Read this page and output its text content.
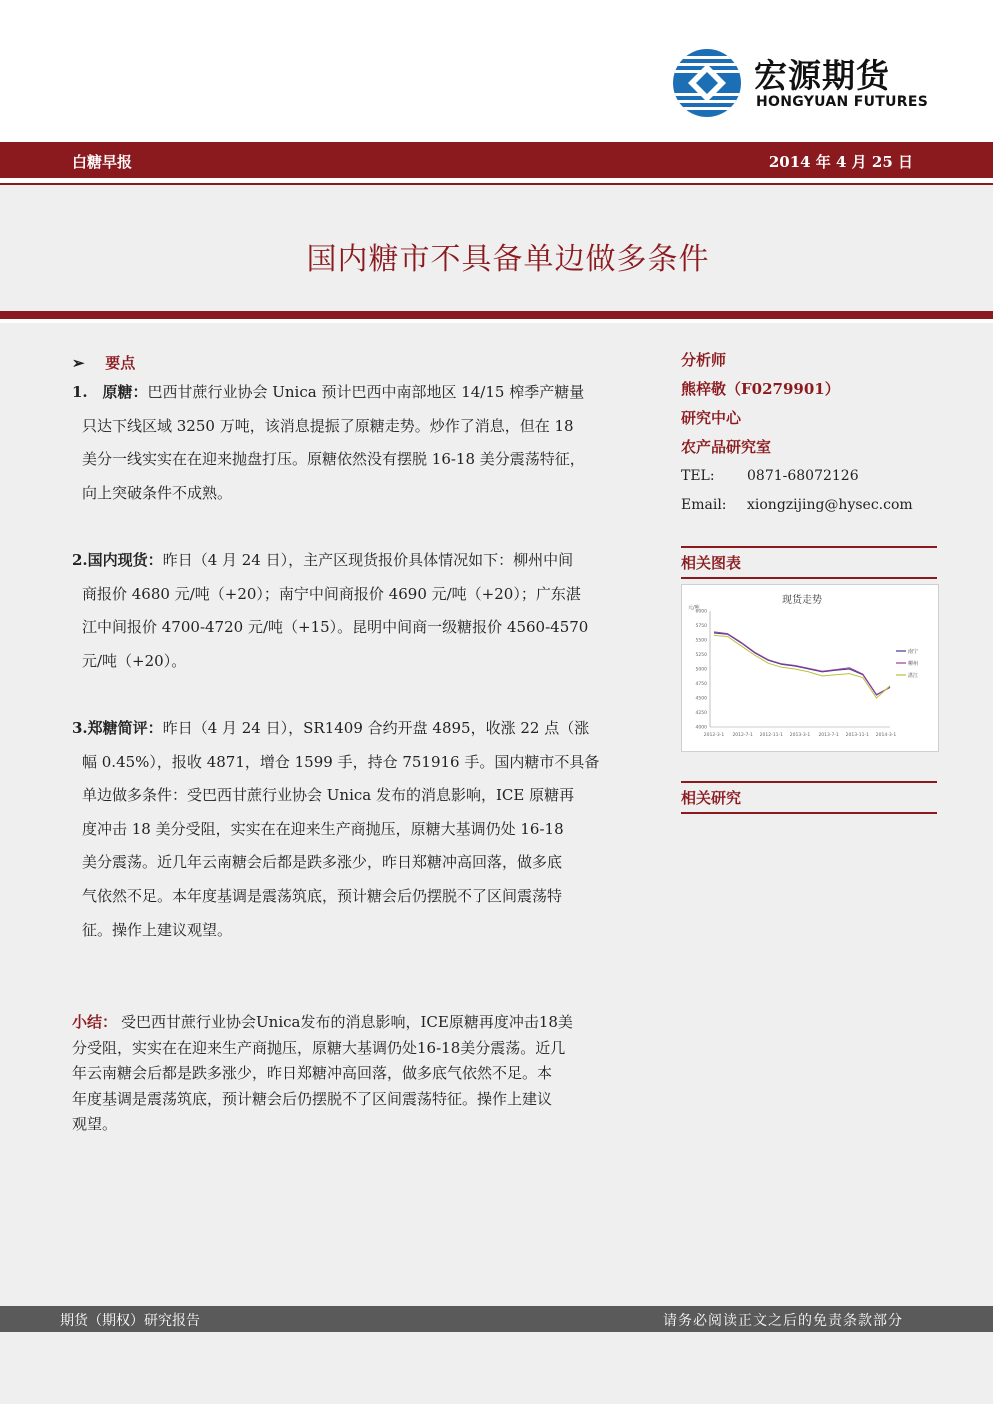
宏源期货
HONGYUAN FUTURES
白糖早报	2014 年 4 月 25 日
国内糖市不具备单边做多条件
➢ 要点
1. 原糖：巴西甘蔗行业协会 Unica 预计巴西中南部地区 14/15 榨季产糖量
只达下线区域 3250 万吨，该消息提振了原糖走势。炒作了消息，但在 18
美分一线实实在在迎来抛盘打压。原糖依然没有摆脱 16-18 美分震荡特征，
向上突破条件不成熟。
2.国内现货：昨日（4 月 24 日），主产区现货报价具体情况如下：柳州中间
商报价 4680 元/吨（+20）；南宁中间商报价 4690 元/吨（+20）；广东湛
江中间报价 4700-4720 元/吨（+15）。昆明中间商一级糖报价 4560-4570
元/吨（+20）。
3.郑糖简评：昨日（4 月 24 日），SR1409 合约开盘 4895，收涨 22 点（涨
幅 0.45%），报收 4871，增仓 1599 手，持仓 751916 手。国内糖市不具备
单边做多条件：受巴西甘蔗行业协会 Unica 发布的消息影响，ICE 原糖再
度冲击 18 美分受阻，实实在在迎来生产商抛压，原糖大基调仍处 16-18
美分震荡。近几年云南糖会后都是跌多涨少，昨日郑糖冲高回落，做多底
气依然不足。本年度基调是震荡筑底，预计糖会后仍摆脱不了区间震荡特
征。操作上建议观望。
小结： 受巴西甘蔗行业协会Unica发布的消息影响，ICE原糖再度冲击18美
分受阻，实实在在迎来生产商抛压，原糖大基调仍处16-18美分震荡。近几
年云南糖会后都是跌多涨少，昨日郑糖冲高回落，做多底气依然不足。本
年度基调是震荡筑底，预计糖会后仍摆脱不了区间震荡特征。操作上建议
观望。
分析师
熊梓敬（F0279901）
研究中心
农产品研究室
TEL: 0871-68072126
Email: xiongzijing@hysec.com
相关图表
现货走势
元/吨
6000
5750
5500
5250
5000
4750
4500
4250
4000
2012-3-1 2012-7-1 2012-11-1 2013-3-1 2013-7-1 2013-11-1 2014-3-1
南宁
柳州
湛江
相关研究
期货（期权）研究报告	请务必阅读正文之后的免责条款部分
